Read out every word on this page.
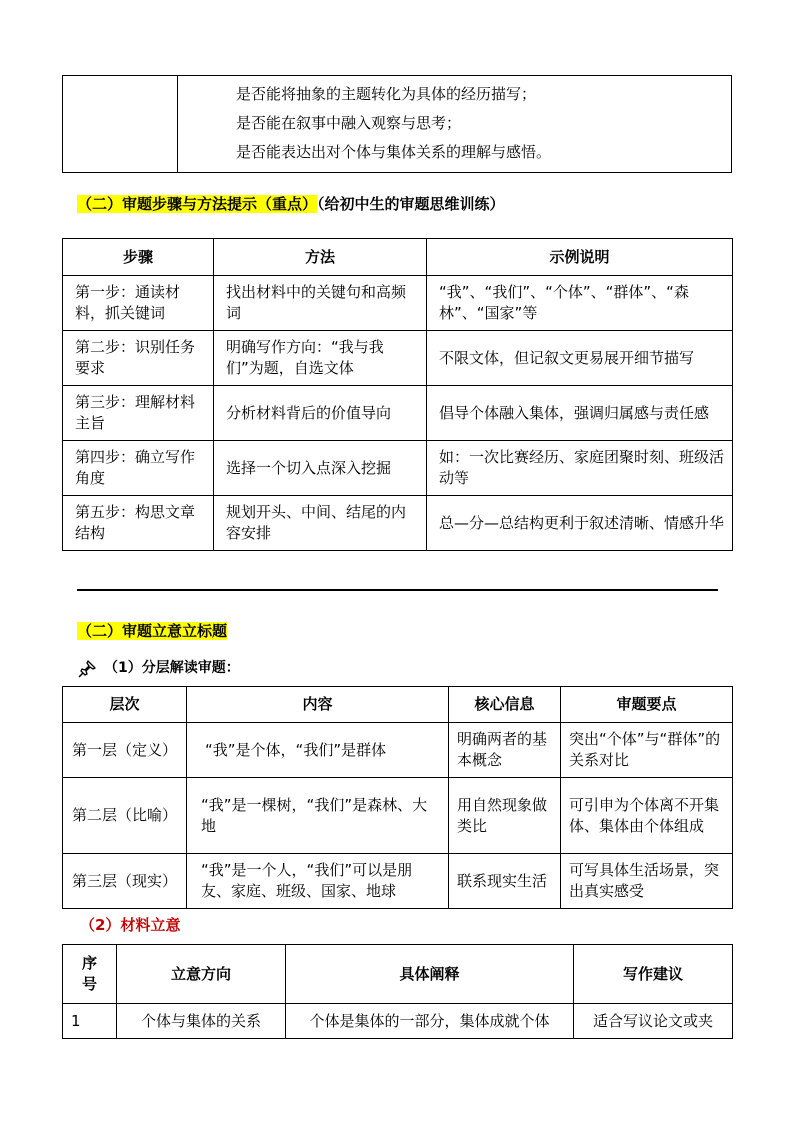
是否能将抽象的主题转化为具体的经历描写；
是否能在叙事中融入观察与思考；
是否能表达出对个体与集体关系的理解与感悟。
（二）审题步骤与方法提示（重点）（给初中生的审题思维训练）
步骤	方法	示例说明
第一步：通读材料，抓关键词	找出材料中的关键句和高频词	“我”、“我们”、“个体”、“群体”、“森林”、“国家”等
第二步：识别任务要求	明确写作方向：“我与我们”为题，自选文体	不限文体，但记叙文更易展开细节描写
第三步：理解材料主旨	分析材料背后的价值导向	倡导个体融入集体，强调归属感与责任感
第四步：确立写作角度	选择一个切入点深入挖掘	如：一次比赛经历、家庭团聚时刻、班级活动等
第五步：构思文章结构	规划开头、中间、结尾的内容安排	总—分—总结构更利于叙述清晰、情感升华
（二）审题立意立标题
（1）分层解读审题：
层次	内容	核心信息	审题要点
第一层（定义）	“我”是个体，“我们”是群体	明确两者的基本概念	突出“个体”与“群体”的关系对比
第二层（比喻）	“我”是一棵树，“我们”是森林、大地	用自然现象做类比	可引申为个体离不开集体、集体由个体组成
第三层（现实）	“我”是一个人，“我们”可以是朋友、家庭、班级、国家、地球	联系现实生活	可写具体生活场景，突出真实感受
（2）材料立意
序号	立意方向	具体阐释	写作建议
1	个体与集体的关系	个体是集体的一部分，集体成就个体	适合写议论文或夹
